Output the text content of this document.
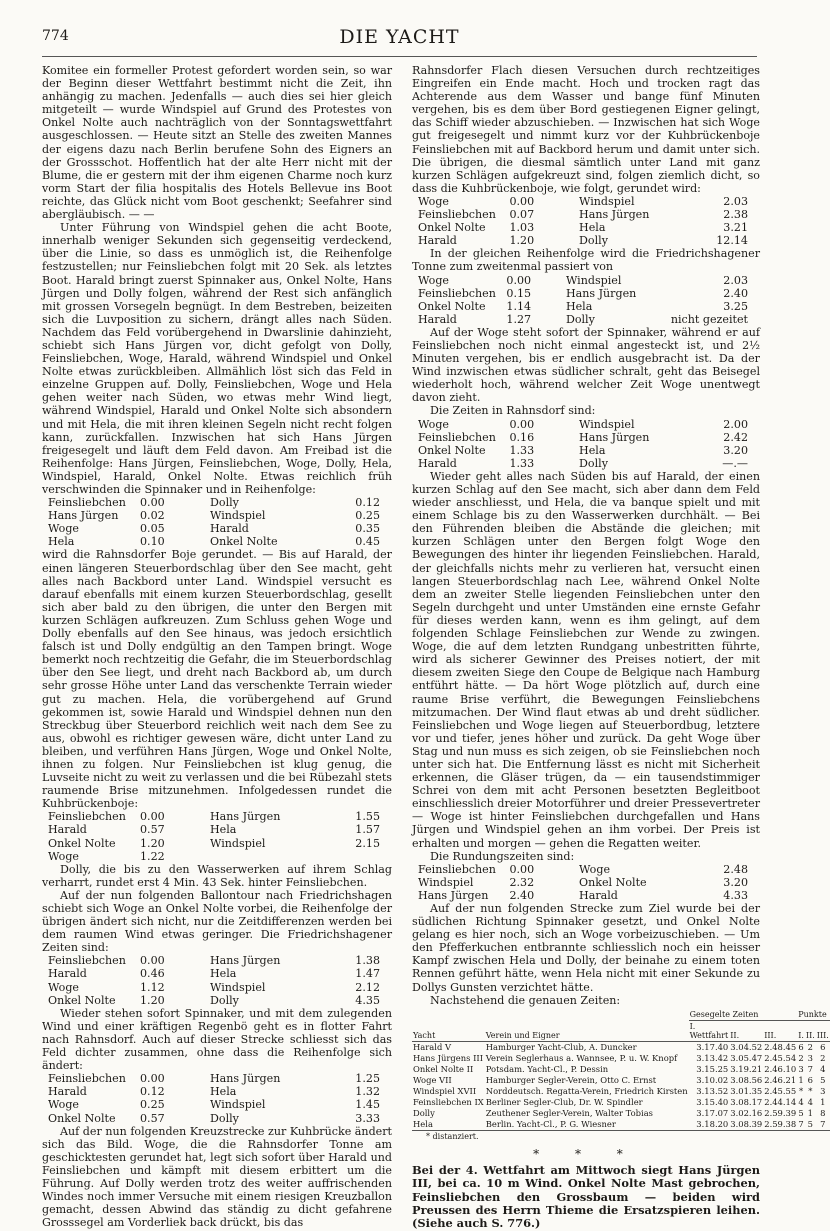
774	DIE YACHT

Komitee ein formeller Protest gefordert worden sein, so war der Beginn dieser Wettfahrt bestimmt nicht die Zeit, ihn anhängig zu machen. Jedenfalls — auch dies sei hier gleich mitgeteilt — wurde Windspiel auf Grund des Protestes von Onkel Nolte auch nachträglich von der Sonntagswettfahrt ausgeschlossen. — Heute sitzt an Stelle des zweiten Mannes der eigens dazu nach Berlin berufene Sohn des Eigners an der Grossschot. Hoffentlich hat der alte Herr nicht mit der Blume, die er gestern mit der ihm eigenen Charme noch kurz vorm Start der filia hospitalis des Hotels Bellevue ins Boot reichte, das Glück nicht vom Boot geschenkt; Seefahrer sind abergläubisch. — —

Unter Führung von Windspiel gehen die acht Boote, innerhalb weniger Sekunden sich gegenseitig verdeckend, über die Linie, so dass es unmöglich ist, die Reihenfolge festzustellen; nur Feinsliebchen folgt mit 20 Sek. als letztes Boot. Harald bringt zuerst Spinnaker aus, Onkel Nolte, Hans Jürgen und Dolly folgen, während der Rest sich anfänglich mit grossen Vorsegeln begnügt. In dem Bestreben, beizeiten sich die Luvposition zu sichern, drängt alles nach Süden. Nachdem das Feld vorübergehend in Dwarslinie dahinzieht, schiebt sich Hans Jürgen vor, dicht gefolgt von Dolly, Feinsliebchen, Woge, Harald, während Windspiel und Onkel Nolte etwas zurückbleiben. Allmählich löst sich das Feld in einzelne Gruppen auf. Dolly, Feinsliebchen, Woge und Hela gehen weiter nach Süden, wo etwas mehr Wind liegt, während Windspiel, Harald und Onkel Nolte sich absondern und mit Hela, die mit ihren kleinen Segeln nicht recht folgen kann, zurückfallen. Inzwischen hat sich Hans Jürgen freigesegelt und läuft dem Feld davon. Am Freibad ist die Reihenfolge: Hans Jürgen, Feinsliebchen, Woge, Dolly, Hela, Windspiel, Harald, Onkel Nolte. Etwas reichlich früh verschwinden die Spinnaker und in Reihenfolge:

Feinsliebchen	0.00	Dolly	0.12
Hans Jürgen	0.02	Windspiel	0.25
Woge	0.05	Harald	0.35
Hela	0.10	Onkel Nolte	0.45

wird die Rahnsdorfer Boje gerundet. — Bis auf Harald, der einen längeren Steuerbordschlag über den See macht, geht alles nach Backbord unter Land. Windspiel versucht es darauf ebenfalls mit einem kurzen Steuerbordschlag, gesellt sich aber bald zu den übrigen, die unter den Bergen mit kurzen Schlägen aufkreuzen. Zum Schluss gehen Woge und Dolly ebenfalls auf den See hinaus, was jedoch ersichtlich falsch ist und Dolly endgültig an den Tampen bringt. Woge bemerkt noch rechtzeitig die Gefahr, die im Steuerbordschlag über den See liegt, und dreht nach Backbord ab, um durch sehr grosse Höhe unter Land das verschenkte Terrain wieder gut zu machen. Hela, die vorübergehend auf Grund gekommen ist, sowie Harald und Windspiel dehnen nun den Streckbug über Steuerbord reichlich weit nach dem See zu aus, obwohl es richtiger gewesen wäre, dicht unter Land zu bleiben, und verführen Hans Jürgen, Woge und Onkel Nolte, ihnen zu folgen. Nur Feinsliebchen ist klug genug, die Luvseite nicht zu weit zu verlassen und die bei Rübezahl stets raumende Brise mitzunehmen. Infolgedessen rundet die Kuhbrückenboje:

Feinsliebchen	0.00	Hans Jürgen	1.55
Harald	0.57	Hela	1.57
Onkel Nolte	1.20	Windspiel	2.15
Woge	1.22		

Dolly, die bis zu den Wasserwerken auf ihrem Schlag verharrt, rundet erst 4 Min. 43 Sek. hinter Feinsliebchen.

Auf der nun folgenden Ballontour nach Friedrichshagen schiebt sich Woge an Onkel Nolte vorbei, die Reihenfolge der übrigen ändert sich nicht, nur die Zeitdifferenzen werden bei dem raumen Wind etwas geringer. Die Friedrichshagener Zeiten sind:

Feinsliebchen	0.00	Hans Jürgen	1.38
Harald	0.46	Hela	1.47
Woge	1.12	Windspiel	2.12
Onkel Nolte	1.20	Dolly	4.35

Wieder stehen sofort Spinnaker, und mit dem zulegenden Wind und einer kräftigen Regenbö geht es in flotter Fahrt nach Rahnsdorf. Auch auf dieser Strecke schliesst sich das Feld dichter zusammen, ohne dass die Reihenfolge sich ändert:

Feinsliebchen	0.00	Hans Jürgen	1.25
Harald	0.12	Hela	1.32
Woge	0.25	Windspiel	1.45
Onkel Nolte	0.57	Dolly	3.33

Auf der nun folgenden Kreuzstrecke zur Kuhbrücke ändert sich das Bild. Woge, die die Rahnsdorfer Tonne am geschicktesten gerundet hat, legt sich sofort über Harald und Feinsliebchen und kämpft mit diesem erbittert um die Führung. Auf Dolly werden trotz des weiter auffrischenden Windes noch immer Versuche mit einem riesigen Kreuzballon gemacht, dessen Abwind das ständig zu dicht gefahrene Grosssegel am Vorderliek back drückt, bis das

Rahnsdorfer Flach diesen Versuchen durch rechtzeitiges Eingreifen ein Ende macht. Hoch und trocken ragt das Achterende aus dem Wasser und bange fünf Minuten vergehen, bis es dem über Bord gestiegenen Eigner gelingt, das Schiff wieder abzuschieben. — Inzwischen hat sich Woge gut freigesegelt und nimmt kurz vor der Kuhbrückenboje Feinsliebchen mit auf Backbord herum und damit unter sich. Die übrigen, die diesmal sämtlich unter Land mit ganz kurzen Schlägen aufgekreuzt sind, folgen ziemlich dicht, so dass die Kuhbrückenboje, wie folgt, gerundet wird:

Woge	0.00	Windspiel	2.03
Feinsliebchen	0.07	Hans Jürgen	2.38
Onkel Nolte	1.03	Hela	3.21
Harald	1.20	Dolly	12.14

In der gleichen Reihenfolge wird die Friedrichshagener Tonne zum zweitenmal passiert von

Woge	0.00	Windspiel	2.03
Feinsliebchen	0.15	Hans Jürgen	2.40
Onkel Nolte	1.14	Hela	3.25
Harald	1.27	Dolly	nicht gezeitet

Auf der Woge steht sofort der Spinnaker, während er auf Feinsliebchen noch nicht einmal angesteckt ist, und 2½ Minuten vergehen, bis er endlich ausgebracht ist. Da der Wind inzwischen etwas südlicher schralt, geht das Beisegel wiederholt hoch, während welcher Zeit Woge unentwegt davon zieht.

Die Zeiten in Rahnsdorf sind:

Woge	0.00	Windspiel	2.00
Feinsliebchen	0.16	Hans Jürgen	2.42
Onkel Nolte	1.33	Hela	3.20
Harald	1.33	Dolly	—.—

Wieder geht alles nach Süden bis auf Harald, der einen kurzen Schlag auf den See macht, sich aber dann dem Feld wieder anschliesst, und Hela, die va banque spielt und mit einem Schlage bis zu den Wasserwerken durchhält. — Bei den Führenden bleiben die Abstände die gleichen; mit kurzen Schlägen unter den Bergen folgt Woge den Bewegungen des hinter ihr liegenden Feinsliebchen. Harald, der gleichfalls nichts mehr zu verlieren hat, versucht einen langen Steuerbordschlag nach Lee, während Onkel Nolte dem an zweiter Stelle liegenden Feinsliebchen unter den Segeln durchgeht und unter Umständen eine ernste Gefahr für dieses werden kann, wenn es ihm gelingt, auf dem folgenden Schlage Feinsliebchen zur Wende zu zwingen. Woge, die auf dem letzten Rundgang unbestritten führte, wird als sicherer Gewinner des Preises notiert, der mit diesem zweiten Siege den Coupe de Belgique nach Hamburg entführt hätte. — Da hört Woge plötzlich auf, durch eine raume Brise verführt, die Bewegungen Feinsliebchens mitzumachen. Der Wind flaut etwas ab und dreht südlicher. Feinsliebchen und Woge liegen auf Steuerbordbug, letztere vor und tiefer, jenes höher und zurück. Da geht Woge über Stag und nun muss es sich zeigen, ob sie Feinsliebchen noch unter sich hat. Die Entfernung lässt es nicht mit Sicherheit erkennen, die Gläser trügen, da — ein tausendstimmiger Schrei von dem mit acht Personen besetzten Begleitboot einschliesslich dreier Motorführer und dreier Pressevertreter — Woge ist hinter Feinsliebchen durchgefallen und Hans Jürgen und Windspiel gehen an ihm vorbei. Der Preis ist erhalten und morgen — gehen die Regatten weiter.

Die Rundungszeiten sind:

Feinsliebchen	0.00	Woge	2.48
Windspiel	2.32	Onkel Nolte	3.20
Hans Jürgen	2.40	Harald	4.33

Auf der nun folgenden Strecke zum Ziel wurde bei der südlichen Richtung Spinnaker gesetzt, und Onkel Nolte gelang es hier noch, sich an Woge vorbeizuschieben. — Um den Pfefferkuchen entbrannte schliesslich noch ein heisser Kampf zwischen Hela und Dolly, der beinahe zu einem toten Rennen geführt hätte, wenn Hela nicht mit einer Sekunde zu Dollys Gunsten verzichtet hätte.

Nachstehend die genauen Zeiten:

Yacht	Verein und Eigner	Gesegelte Zeiten			Punkte		
		I. Wettfahrt	II.	III.	I.	II.	III.
Harald V	Hamburger Yacht-Club, A. Duncker	3.17.40	3.04.52	2.48.45	6	2	6
Hans Jürgens III	Verein Seglerhaus a. Wannsee, P. u. W. Knopf	3.13.42	3.05.47	2.45.54	2	3	2
Onkel Nolte II	Potsdam. Yacht-Cl., P. Dessin	3.15.25	3.19.21	2.46.10	3	7	4
Woge VII	Hamburger Segler-Verein, Otto C. Ernst	3.10.02	3.08.56	2.46.21	1	6	5
Windspiel XVII	Norddeutsch. Regatta-Verein, Friedrich Kirsten	3.13.52	3.01.35	2.45.55	*	*	3
Feinsliebchen IX	Berliner Segler-Club, Dr. W. Spindler	3.15.40	3.08.17	2.44.14	4	4	1
Dolly	Zeuthener Segler-Verein, Walter Tobias	3.17.07	3.02.16	2.59.39	5	1	8
Hela	Berlin. Yacht-Cl., P. G. Wiesner	3.18.20	3.08.39	2.59.38	7	5	7
* distanziert.							
* * *

Bei der 4. Wettfahrt am Mittwoch siegt Hans Jürgen III, bei ca. 10 m Wind. Onkel Nolte Mast gebrochen, Feinsliebchen den Grossbaum — beiden wird Preussen des Herrn Thieme die Ersatzspieren leihen. (Siehe auch S. 776.)
